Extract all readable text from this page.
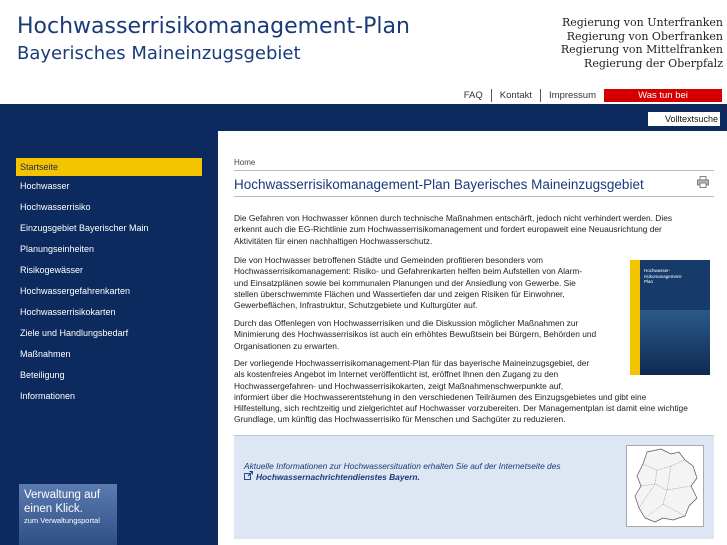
Hochwasserrisikomanagement-Plan
Bayerisches Maineinzugsgebiet
Regierung von Unterfranken
Regierung von Oberfranken
Regierung von Mittelfranken
Regierung der Oberpfalz
FAQ	Kontakt	Impressum	Was tun bei
Volltextsuche
Startseite
Hochwasser
Hochwasserrisiko
Einzugsgebiet Bayerischer Main
Planungseinheiten
Risikogewässer
Hochwassergefahrenkarten
Hochwasserrisikokarten
Ziele und Handlungsbedarf
Maßnahmen
Beteiligung
Informationen
Verwaltung auf
einen Klick.
zum Verwaltungsportal
Home
Hochwasserrisikomanagement-Plan Bayerisches Maineinzugsgebiet
Die Gefahren von Hochwasser können durch technische Maßnahmen entschärft, jedoch nicht verhindert werden. Dies
erkennt auch die EG-Richtlinie zum Hochwasserrisikomanagement und fordert europaweit eine Neuausrichtung der
Aktivitäten für einen nachhaltigen Hochwasserschutz.
Die von Hochwasser betroffenen Städte und Gemeinden profitieren besonders vom
Hochwasserrisikomanagement: Risiko- und Gefahrenkarten helfen beim Aufstellen von Alarm-
und Einsatzplänen sowie bei kommunalen Planungen und der Ansiedlung von Gewerbe. Sie
stellen überschwemmte Flächen und Wassertiefen dar und zeigen Risiken für Einwohner,
Gewerbeflächen, Infrastruktur, Schutzgebiete und Kulturgüter auf.
Durch das Offenlegen von Hochwasserrisiken und die Diskussion möglicher Maßnahmen zur
Minimierung des Hochwasserrisikos ist auch ein erhöhtes Bewußtsein bei Bürgern, Behörden und
Organisationen zu erwarten.
Der vorliegende Hochwasserrisikomanagement-Plan für das bayerische Maineinzugsgebiet, der
als kostenfreies Angebot im Internet veröffentlicht ist, eröffnet Ihnen den Zugang zu den
Hochwassergefahren- und Hochwasserrisikokarten, zeigt Maßnahmenschwerpunkte auf,
informiert über die Hochwasserentstehung in den verschiedenen Teilräumen des Einzugsgebietes und gibt eine
Hilfestellung, sich rechtzeitig und zielgerichtet auf Hochwasser vorzubereiten. Der Managementplan ist damit eine wichtige
Grundlage, um künftig das Hochwasserrisiko für Menschen und Sachgüter zu reduzieren.
Hochwasser-
risikomanagement-
Plan
Aktuelle Informationen zur Hochwassersituation erhalten Sie auf der Internetseite des
Hochwassernachrichtendienstes Bayern.
